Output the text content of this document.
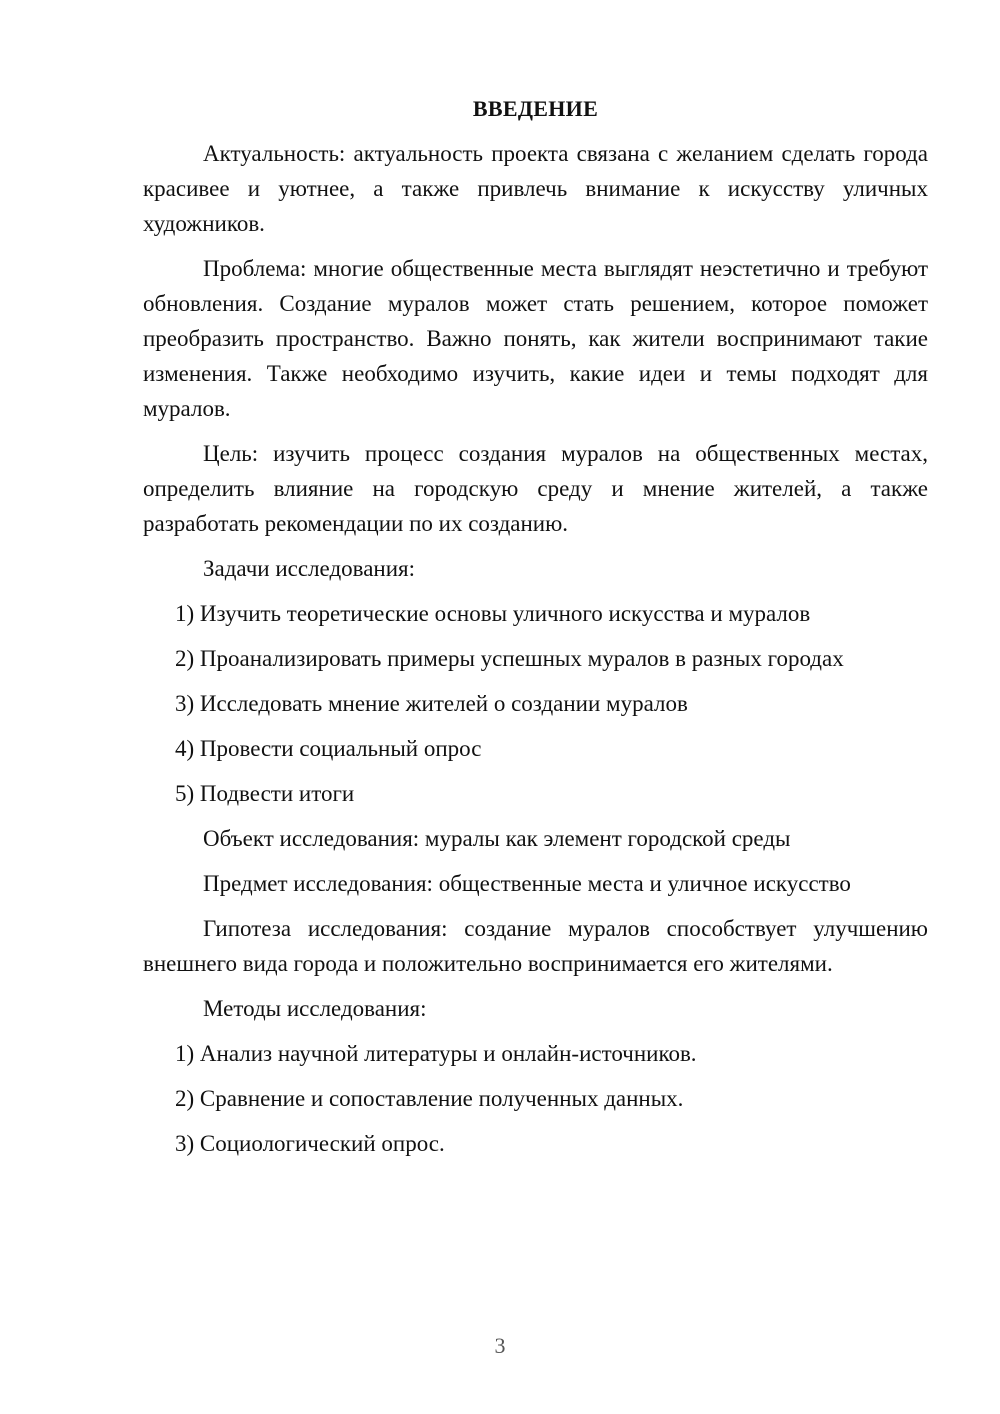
ВВЕДЕНИЕ

Актуальность: актуальность проекта связана с желанием сделать города красивее и уютнее, а также привлечь внимание к искусству уличных художников.

Проблема: многие общественные места выглядят неэстетично и требуют обновления. Создание муралов может стать решением, которое поможет преобразить пространство. Важно понять, как жители воспринимают такие изменения. Также необходимо изучить, какие идеи и темы подходят для муралов.

Цель: изучить процесс создания муралов на общественных местах, определить влияние на городскую среду и мнение жителей, а также разработать рекомендации по их созданию.

Задачи исследования:
1) Изучить теоретические основы уличного искусства и муралов
2) Проанализировать примеры успешных муралов в разных городах
3) Исследовать мнение жителей о создании муралов
4) Провести социальный опрос
5) Подвести итоги
Объект исследования: муралы как элемент городской среды
Предмет исследования: общественные места и уличное искусство

Гипотеза исследования: создание муралов способствует улучшению внешнего вида города и положительно воспринимается его жителями.

Методы исследования:
1) Анализ научной литературы и онлайн-источников.
2) Сравнение и сопоставление полученных данных.
3) Социологический опрос.
3
